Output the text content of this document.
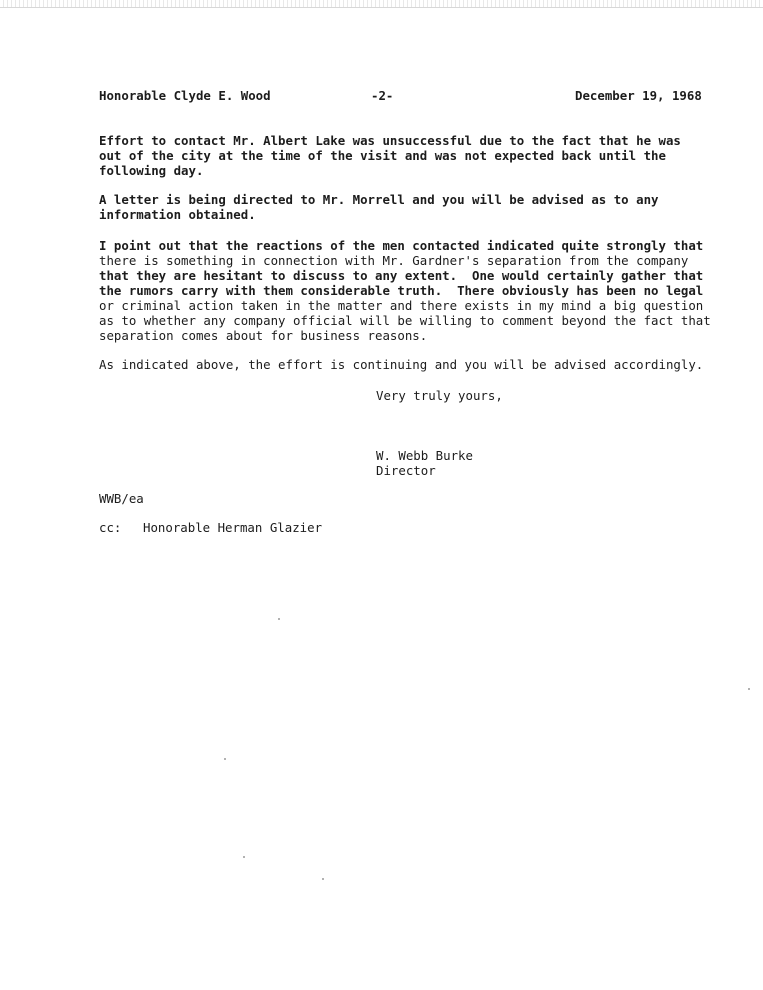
Honorable Clyde E. Wood	-2-	December 19, 1968
Effort to contact Mr. Albert Lake was unsuccessful due to the fact that he was
out of the city at the time of the visit and was not expected back until the
following day.
A letter is being directed to Mr. Morrell and you will be advised as to any
information obtained.
I point out that the reactions of the men contacted indicated quite strongly that
there is something in connection with Mr. Gardner's separation from the company
that they are hesitant to discuss to any extent.  One would certainly gather that
the rumors carry with them considerable truth.  There obviously has been no legal
or criminal action taken in the matter and there exists in my mind a big question
as to whether any company official will be willing to comment beyond the fact that
separation comes about for business reasons.
As indicated above, the effort is continuing and you will be advised accordingly.
Very truly yours,
W. Webb Burke
Director
WWB/ea
cc: Honorable Herman Glazier
